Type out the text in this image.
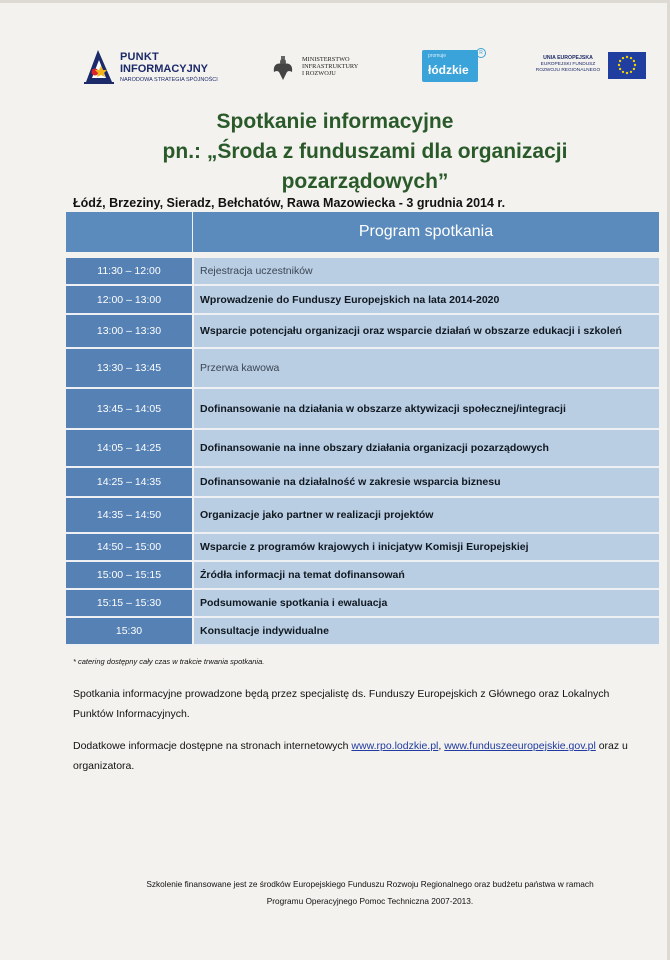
PUNKT
INFORMACYJNY
NARODOWA STRATEGIA SPÓJNOŚCI
MINISTERSTWO
INFRASTRUKTURY
I ROZWOJU
promuje
łódzkie
R
UNIA EUROPEJSKA
EUROPEJSKI FUNDUSZ
ROZWOJU REGIONALNEGO
Spotkanie informacyjne
pn.: „Środa z funduszami dla organizacji
pozarządowych”
Łódź, Brzeziny, Sieradz, Bełchatów, Rawa Mazowiecka - 3 grudnia 2014 r.
Program spotkania
11:30 – 12:00	Rejestracja uczestników
12:00 – 13:00	Wprowadzenie do Funduszy Europejskich na lata 2014-2020
13:00 – 13:30	Wsparcie potencjału organizacji oraz wsparcie działań w obszarze edukacji i szkoleń
13:30 – 13:45	Przerwa kawowa
13:45 – 14:05	Dofinansowanie na działania w obszarze aktywizacji społecznej/integracji
14:05 – 14:25	Dofinansowanie na inne obszary działania organizacji pozarządowych
14:25 – 14:35	Dofinansowanie na działalność w zakresie wsparcia biznesu
14:35 – 14:50	Organizacje jako partner w realizacji projektów
14:50 – 15:00	Wsparcie z programów krajowych i inicjatyw Komisji Europejskiej
15:00 – 15:15	Źródła informacji na temat dofinansowań
15:15 – 15:30	Podsumowanie spotkania i ewaluacja
15:30	Konsultacje indywidualne
* catering dostępny cały czas w trakcie trwania spotkania.
Spotkania informacyjne prowadzone będą przez specjalistę ds. Funduszy Europejskich z Głównego oraz Lokalnych Punktów Informacyjnych.
Dodatkowe informacje dostępne na stronach internetowych www.rpo.lodzkie.pl, www.funduszeeuropejskie.gov.pl oraz u organizatora.
Szkolenie finansowane jest ze środków Europejskiego Funduszu Rozwoju Regionalnego oraz budżetu państwa w ramach
Programu Operacyjnego Pomoc Techniczna 2007-2013.
